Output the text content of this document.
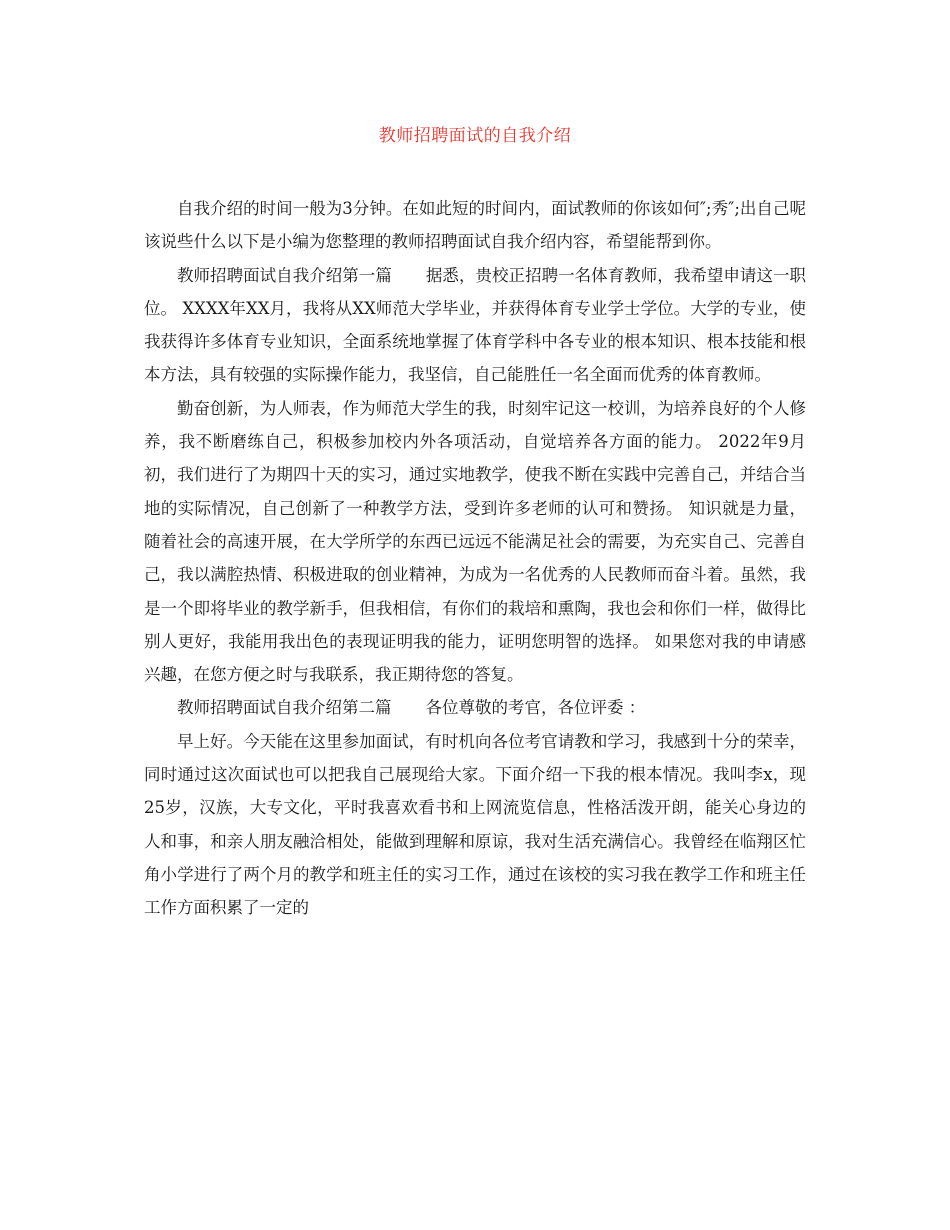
教师招聘面试的自我介绍

自我介绍的时间一般为3分钟。在如此短的时间内，面试教师的你该如何″;秀″;出自己呢该说些什么以下是小编为您整理的教师招聘面试自我介绍内容，希望能帮到你。

教师招聘面试自我介绍第一篇 据悉，贵校正招聘一名体育教师，我希望申请这一职位。 XXXX年XX月，我将从XX师范大学毕业，并获得体育专业学士学位。大学的专业，使我获得许多体育专业知识，全面系统地掌握了体育学科中各专业的根本知识、根本技能和根本方法，具有较强的实际操作能力，我坚信，自己能胜任一名全面而优秀的体育教师。

勤奋创新，为人师表，作为师范大学生的我，时刻牢记这一校训，为培养良好的个人修养，我不断磨练自己，积极参加校内外各项活动，自觉培养各方面的能力。 2022年9月初，我们进行了为期四十天的实习，通过实地教学，使我不断在实践中完善自己，并结合当地的实际情况，自己创新了一种教学方法，受到许多老师的认可和赞扬。 知识就是力量，随着社会的高速开展，在大学所学的东西已远远不能满足社会的需要，为充实自己、完善自己，我以满腔热情、积极进取的创业精神，为成为一名优秀的人民教师而奋斗着。虽然，我是一个即将毕业的教学新手，但我相信，有你们的栽培和熏陶，我也会和你们一样，做得比别人更好，我能用我出色的表现证明我的能力，证明您明智的选择。 如果您对我的申请感兴趣，在您方便之时与我联系，我正期待您的答复。

教师招聘面试自我介绍第二篇 各位尊敬的考官，各位评委 ：

早上好。今天能在这里参加面试，有时机向各位考官请教和学习，我感到十分的荣幸，同时通过这次面试也可以把我自己展现给大家。下面介绍一下我的根本情况。我叫李x，现25岁，汉族，大专文化，平时我喜欢看书和上网流览信息，性格活泼开朗，能关心身边的人和事，和亲人朋友融洽相处，能做到理解和原谅，我对生活充满信心。我曾经在临翔区忙角小学进行了两个月的教学和班主任的实习工作，通过在该校的实习我在教学工作和班主任工作方面积累了一定的
